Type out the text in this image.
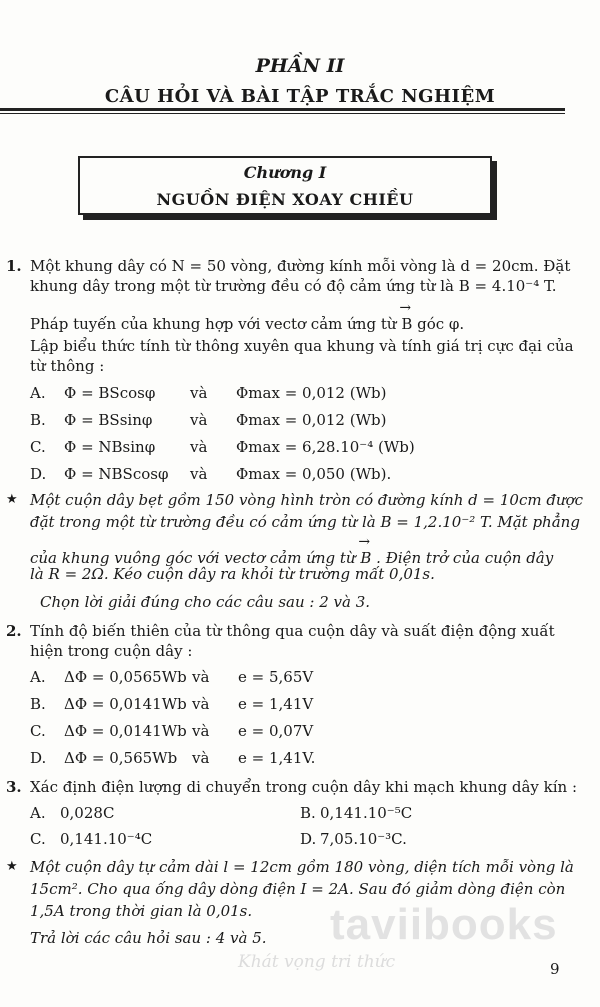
PHẦN II
CÂU HỎI VÀ BÀI TẬP TRẮC NGHIỆM
Chương I
NGUỒN ĐIỆN XOAY CHIỀU
1. Một khung dây có N = 50 vòng, đường kính mỗi vòng là d = 20cm. Đặt
khung dây trong một từ trường đều có độ cảm ứng từ là B = 4.10⁻⁴ T.
Pháp tuyến của khung hợp với vectơ cảm ứng từ → B góc φ.
Lập biểu thức tính từ thông xuyên qua khung và tính giá trị cực đại của
từ thông :
A. Φ = BScosφ và Φmax = 0,012 (Wb)
B. Φ = BSsinφ	và Φmax = 0,012 (Wb)
C. Φ = NBsinφ và Φmax = 6,28.10⁻⁴ (Wb)
D. Φ = NBScosφ và Φmax = 0,050 (Wb).
★ Một cuộn dây bẹt gồm 150 vòng hình tròn có đường kính d = 10cm được
đặt trong một từ trường đều có cảm ứng từ là B = 1,2.10⁻² T. Mặt phẳng
của khung vuông góc với vectơ cảm ứng từ → B . Điện trở của cuộn dây
là R = 2Ω. Kéo cuộn dây ra khỏi từ trường mất 0,01s.
Chọn lời giải đúng cho các câu sau : 2 và 3.
2. Tính độ biến thiên của từ thông qua cuộn dây và suất điện động xuất
hiện trong cuộn dây :
A. ΔΦ = 0,0565Wb và e = 5,65V
B. ΔΦ = 0,0141Wb và e = 1,41V
C. ΔΦ = 0,0141Wb và e = 0,07V
D. ΔΦ = 0,565Wb và e = 1,41V.
3. Xác định điện lượng di chuyển trong cuộn dây khi mạch khung dây kín :
A. 0,028C	B. 0,141.10⁻⁵C
C. 0,141.10⁻⁴C	D. 7,05.10⁻³C.
★ Một cuộn dây tự cảm dài l = 12cm gồm 180 vòng, diện tích mỗi vòng là
15cm². Cho qua ống dây dòng điện I = 2A. Sau đó giảm dòng điện còn
1,5A trong thời gian là 0,01s.
Trả lời các câu hỏi sau : 4 và 5. taviibooks
Khát vọng tri thức	9
